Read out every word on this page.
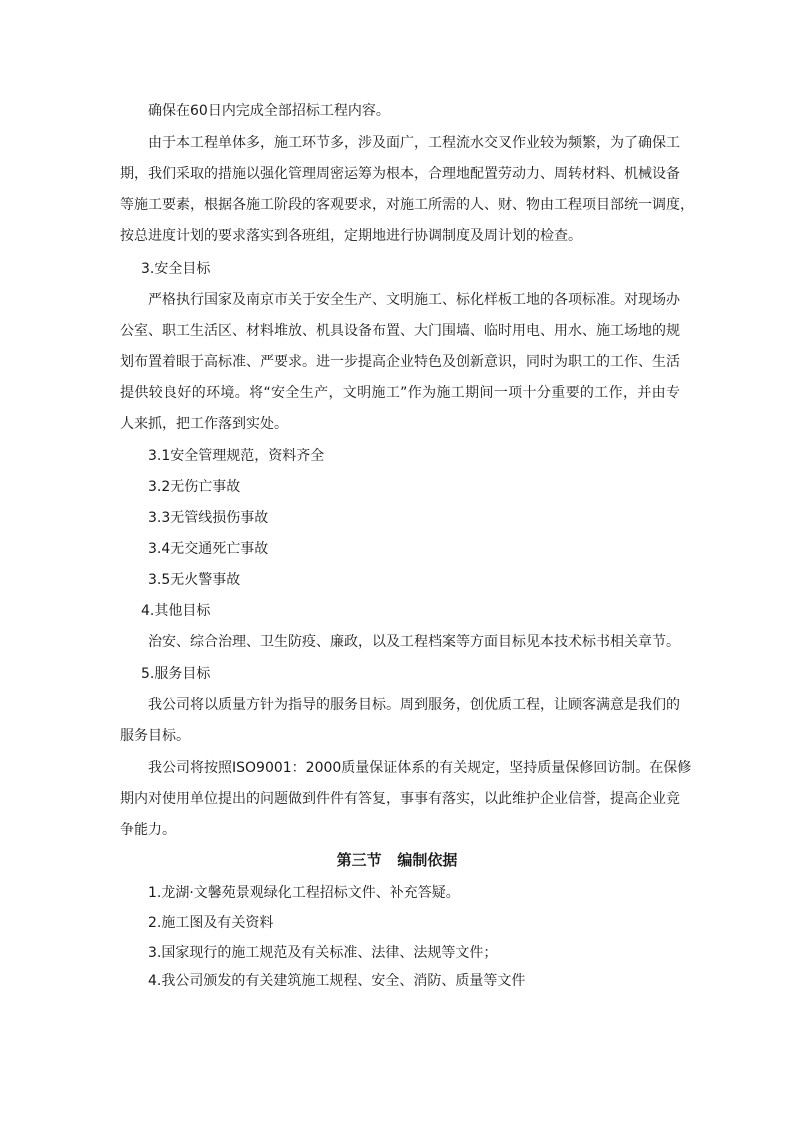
确保在60日内完成全部招标工程内容。
由于本工程单体多，施工环节多，涉及面广，工程流水交叉作业较为频繁，为了确保工
期，我们采取的措施以强化管理周密运筹为根本，合理地配置劳动力、周转材料、机械设备
等施工要素，根据各施工阶段的客观要求，对施工所需的人、财、物由工程项目部统一调度，
按总进度计划的要求落实到各班组，定期地进行协调制度及周计划的检查。
3.安全目标
严格执行国家及南京市关于安全生产、文明施工、标化样板工地的各项标准。对现场办
公室、职工生活区、材料堆放、机具设备布置、大门围墙、临时用电、用水、施工场地的规
划布置着眼于高标准、严要求。进一步提高企业特色及创新意识，同时为职工的工作、生活
提供较良好的环境。将“安全生产，文明施工”作为施工期间一项十分重要的工作，并由专
人来抓，把工作落到实处。
3.1安全管理规范，资料齐全
3.2无伤亡事故
3.3无管线损伤事故
3.4无交通死亡事故
3.5无火警事故
4.其他目标
治安、综合治理、卫生防疫、廉政，以及工程档案等方面目标见本技术标书相关章节。
5.服务目标
我公司将以质量方针为指导的服务目标。周到服务，创优质工程，让顾客满意是我们的
服务目标。
我公司将按照ISO9001：2000质量保证体系的有关规定，坚持质量保修回访制。在保修
期内对使用单位提出的问题做到件件有答复，事事有落实，以此维护企业信誉，提高企业竞
争能力。
第三节   编制依据
1.龙湖·文馨苑景观绿化工程招标文件、补充答疑。
2.施工图及有关资料
3.国家现行的施工规范及有关标准、法律、法规等文件；
4.我公司颁发的有关建筑施工规程、安全、消防、质量等文件
